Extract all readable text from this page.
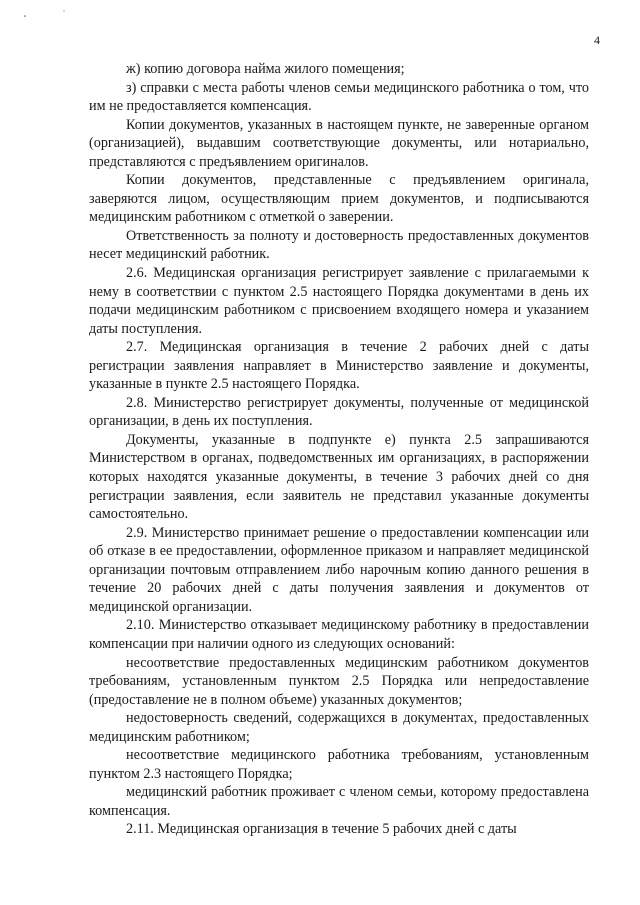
4

ж) копию договора найма жилого помещения;

з) справки с места работы членов семьи медицинского работника о том, что им не предоставляется компенсация.

Копии документов, указанных в настоящем пункте, не заверенные органом (организацией), выдавшим соответствующие документы, или нотариально, представляются с предъявлением оригиналов.

Копии документов, представленные с предъявлением оригинала, заверяются лицом, осуществляющим прием документов, и подписываются медицинским работником с отметкой о заверении.

Ответственность за полноту и достоверность предоставленных документов несет медицинский работник.

2.6. Медицинская организация регистрирует заявление с прилагаемыми к нему в соответствии с пунктом 2.5 настоящего Порядка документами в день их подачи медицинским работником с присвоением входящего номера и указанием даты поступления.

2.7. Медицинская организация в течение 2 рабочих дней с даты регистрации заявления направляет в Министерство заявление и документы, указанные в пункте 2.5 настоящего Порядка.

2.8. Министерство регистрирует документы, полученные от медицинской организации, в день их поступления.

Документы, указанные в подпункте е) пункта 2.5 запрашиваются Министерством в органах, подведомственных им организациях, в распоряжении которых находятся указанные документы, в течение 3 рабочих дней со дня регистрации заявления, если заявитель не представил указанные документы самостоятельно.

2.9. Министерство принимает решение о предоставлении компенсации или об отказе в ее предоставлении, оформленное приказом и направляет медицинской организации почтовым отправлением либо нарочным копию данного решения в течение 20 рабочих дней с даты получения заявления и документов от медицинской организации.

2.10. Министерство отказывает медицинскому работнику в предоставлении компенсации при наличии одного из следующих оснований:

несоответствие предоставленных медицинским работником документов требованиям, установленным пунктом 2.5 Порядка или непредоставление (предоставление не в полном объеме) указанных документов;

недостоверность сведений, содержащихся в документах, предоставленных медицинским работником;

несоответствие медицинского работника требованиям, установленным пунктом 2.3 настоящего Порядка;

медицинский работник проживает с членом семьи, которому предоставлена компенсация.

2.11. Медицинская организация в течение 5 рабочих дней с даты
